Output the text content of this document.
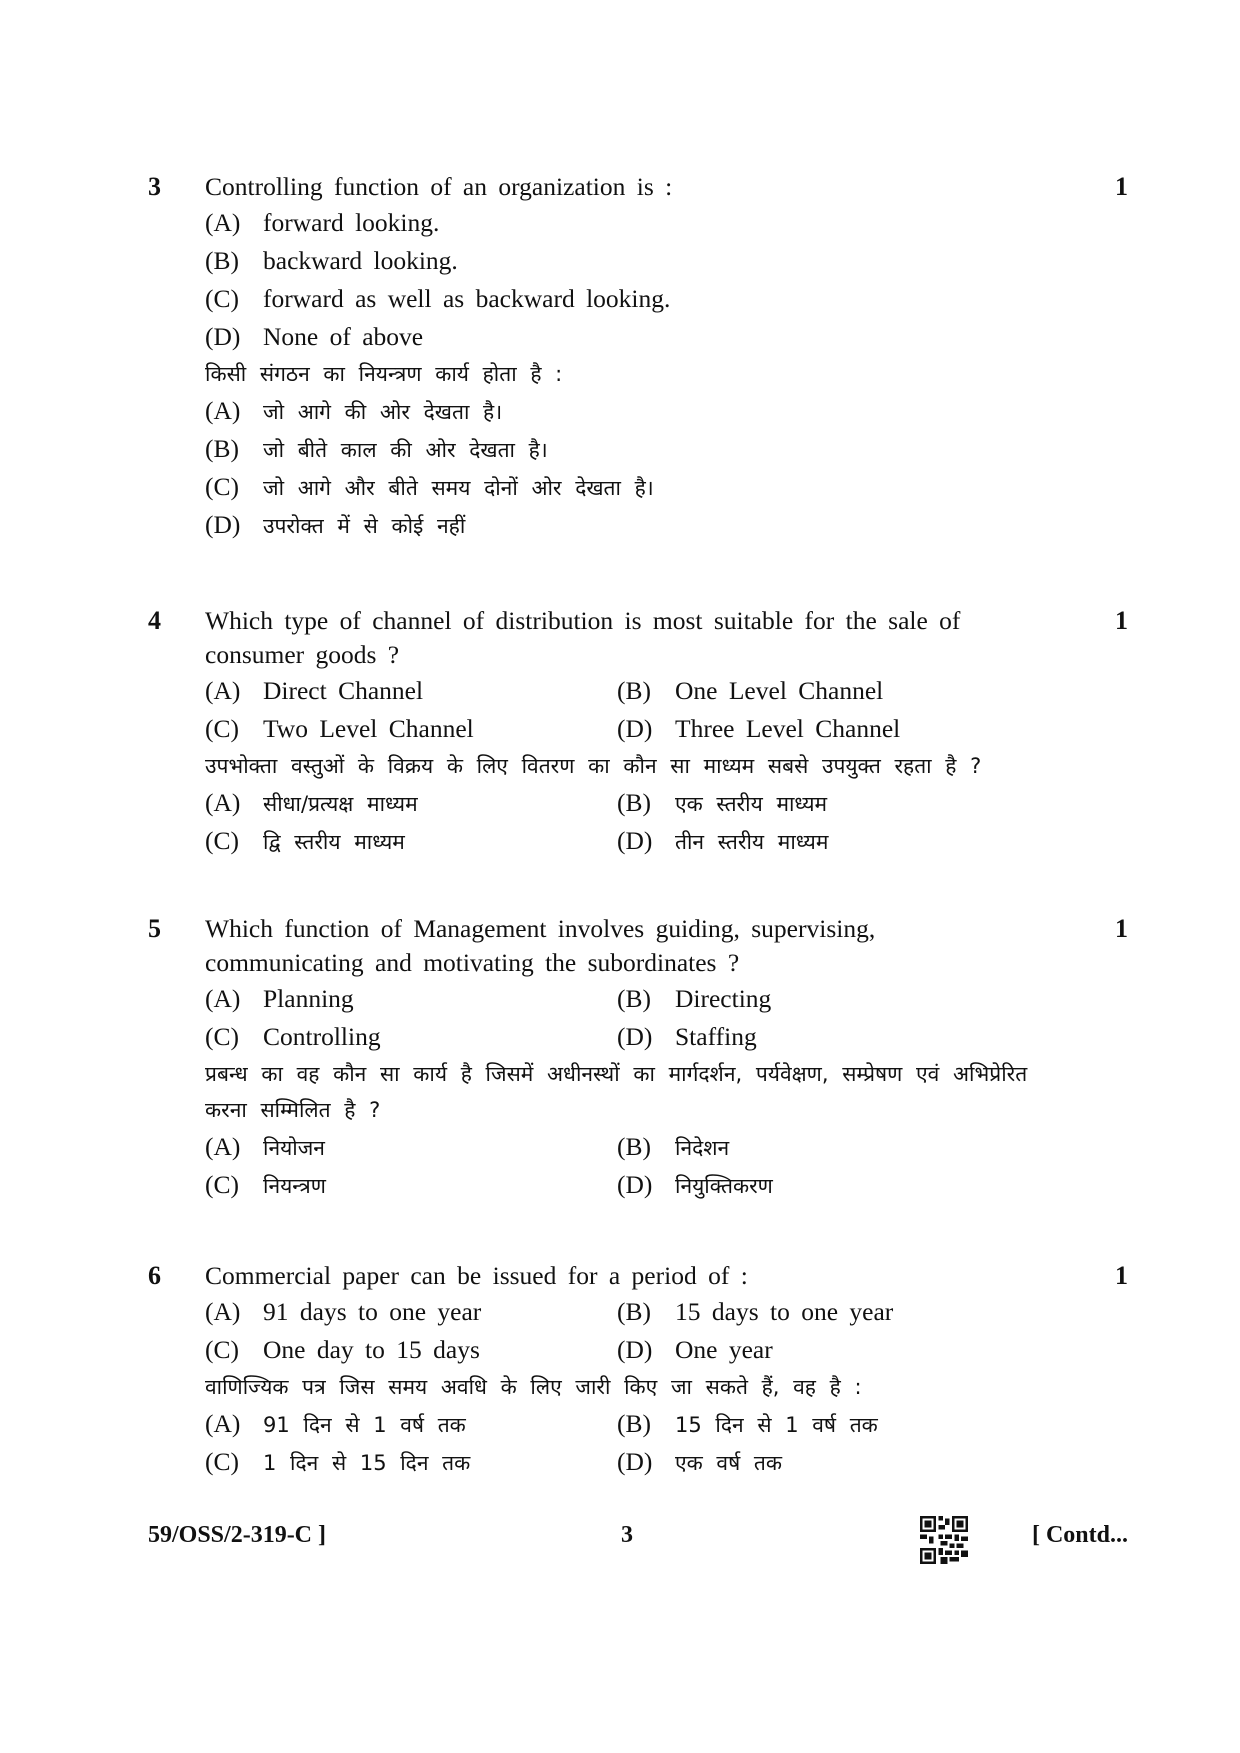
3	1
Controlling function of an organization is :
(A) forward looking.
(B) backward looking.
(C) forward as well as backward looking.
(D) None of above
किसी संगठन का नियन्त्रण कार्य होता है :
(A) जो आगे की ओर देखता है।
(B) जो बीते काल की ओर देखता है।
(C) जो आगे और बीते समय दोनों ओर देखता है।
(D) उपरोक्त में से कोई नहीं
4	1
Which type of channel of distribution is most suitable for the sale of consumer goods ?
(A) Direct Channel	(B) One Level Channel
(C) Two Level Channel	(D) Three Level Channel
उपभोक्ता वस्तुओं के विक्रय के लिए वितरण का कौन सा माध्यम सबसे उपयुक्त रहता है ?
(A) सीधा/प्रत्यक्ष माध्यम	(B) एक स्तरीय माध्यम
(C) द्वि स्तरीय माध्यम	(D) तीन स्तरीय माध्यम
5	1
Which function of Management involves guiding, supervising, communicating and motivating the subordinates ?
(A) Planning	(B) Directing
(C) Controlling	(D) Staffing
प्रबन्ध का वह कौन सा कार्य है जिसमें अधीनस्थों का मार्गदर्शन, पर्यवेक्षण, सम्प्रेषण एवं अभिप्रेरित करना सम्मिलित है ?
(A) नियोजन	(B) निदेशन
(C) नियन्त्रण	(D) नियुक्तिकरण
6	1
Commercial paper can be issued for a period of :
(A) 91 days to one year	(B) 15 days to one year
(C) One day to 15 days	(D) One year
वाणिज्यिक पत्र जिस समय अवधि के लिए जारी किए जा सकते हैं, वह है :
(A) 91 दिन से 1 वर्ष तक	(B) 15 दिन से 1 वर्ष तक
(C) 1 दिन से 15 दिन तक	(D) एक वर्ष तक
59/OSS/2-319-C ]	3	[ Contd...
